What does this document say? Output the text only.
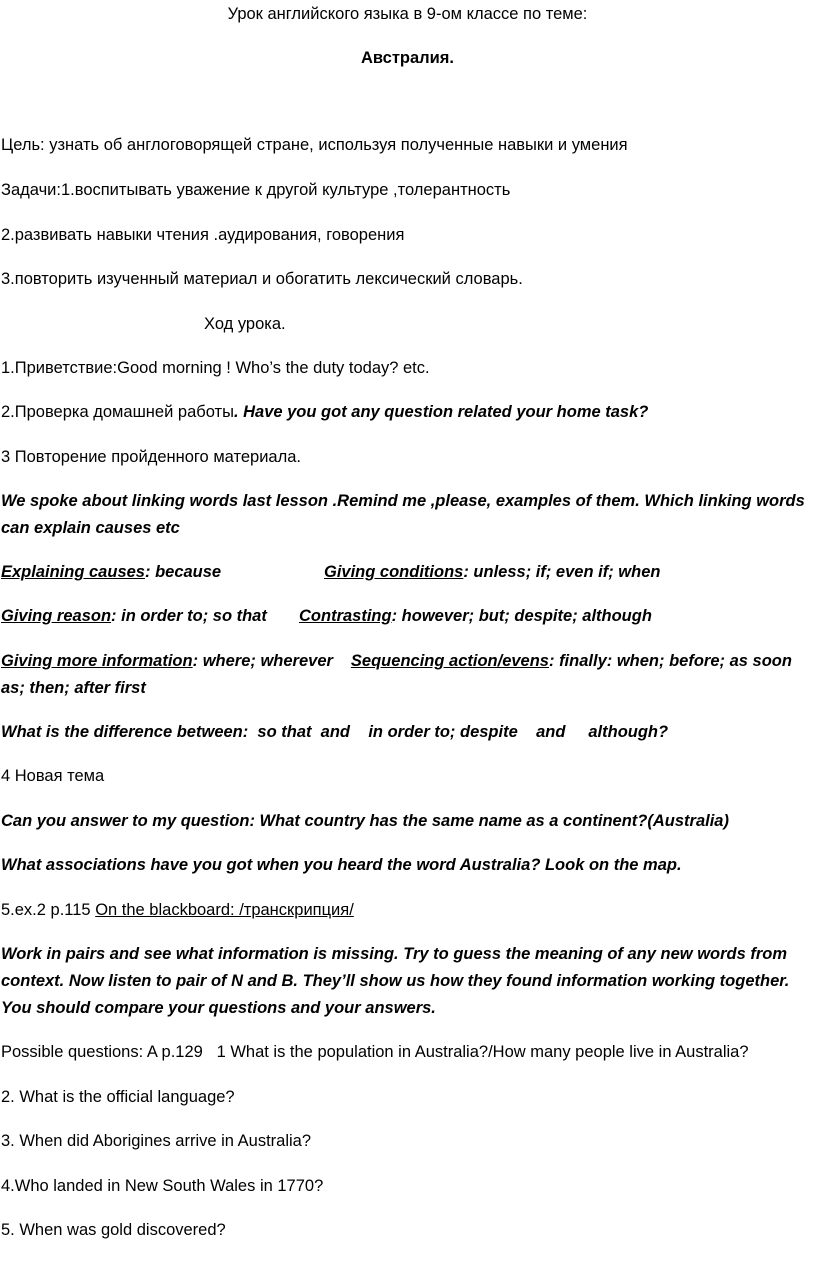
Урок английского языка в 9-ом классе по теме:
Австралия.
Цель: узнать об англоговорящей стране, используя полученные навыки и умения
Задачи:1.воспитывать уважение к другой культуре ,толерантность
2.развивать навыки чтения .аудирования, говорения
3.повторить изученный материал и обогатить лексический словарь.
Ход урока.
1.Приветствие:Good morning ! Who’s the duty today? etc.
2.Проверка домашней работы. Have you got any question related your home task?
3 Повторение пройденного материала.
We spoke about linking words last lesson .Remind me ,please, examples of them. Which linking words can explain causes etc
Explaining causes: because	Giving conditions: unless; if; even if; when
Giving reason: in order to; so that Contrasting: however; but; despite; although
Giving more information: where; wherever Sequencing action/evens: finally: when; before; as soon as; then; after first
What is the difference between:  so that  and    in order to; despite    and     although?
4 Новая тема
Can you answer to my question: What country has the same name as a continent?(Australia)
What associations have you got when you heard the word Australia? Look on the map.
5.ex.2 p.115 On the blackboard: /транскрипция/
Work in pairs and see what information is missing. Try to guess the meaning of any new words from context. Now listen to pair of N and B. They’ll show us how they found information working together. You should compare your questions and your answers.
Possible questions: A p.129   1 What is the population in Australia?/How many people live in Australia?
2. What is the official language?
3. When did Aborigines arrive in Australia?
4.Who landed in New South Wales in 1770?
5. When was gold discovered?
